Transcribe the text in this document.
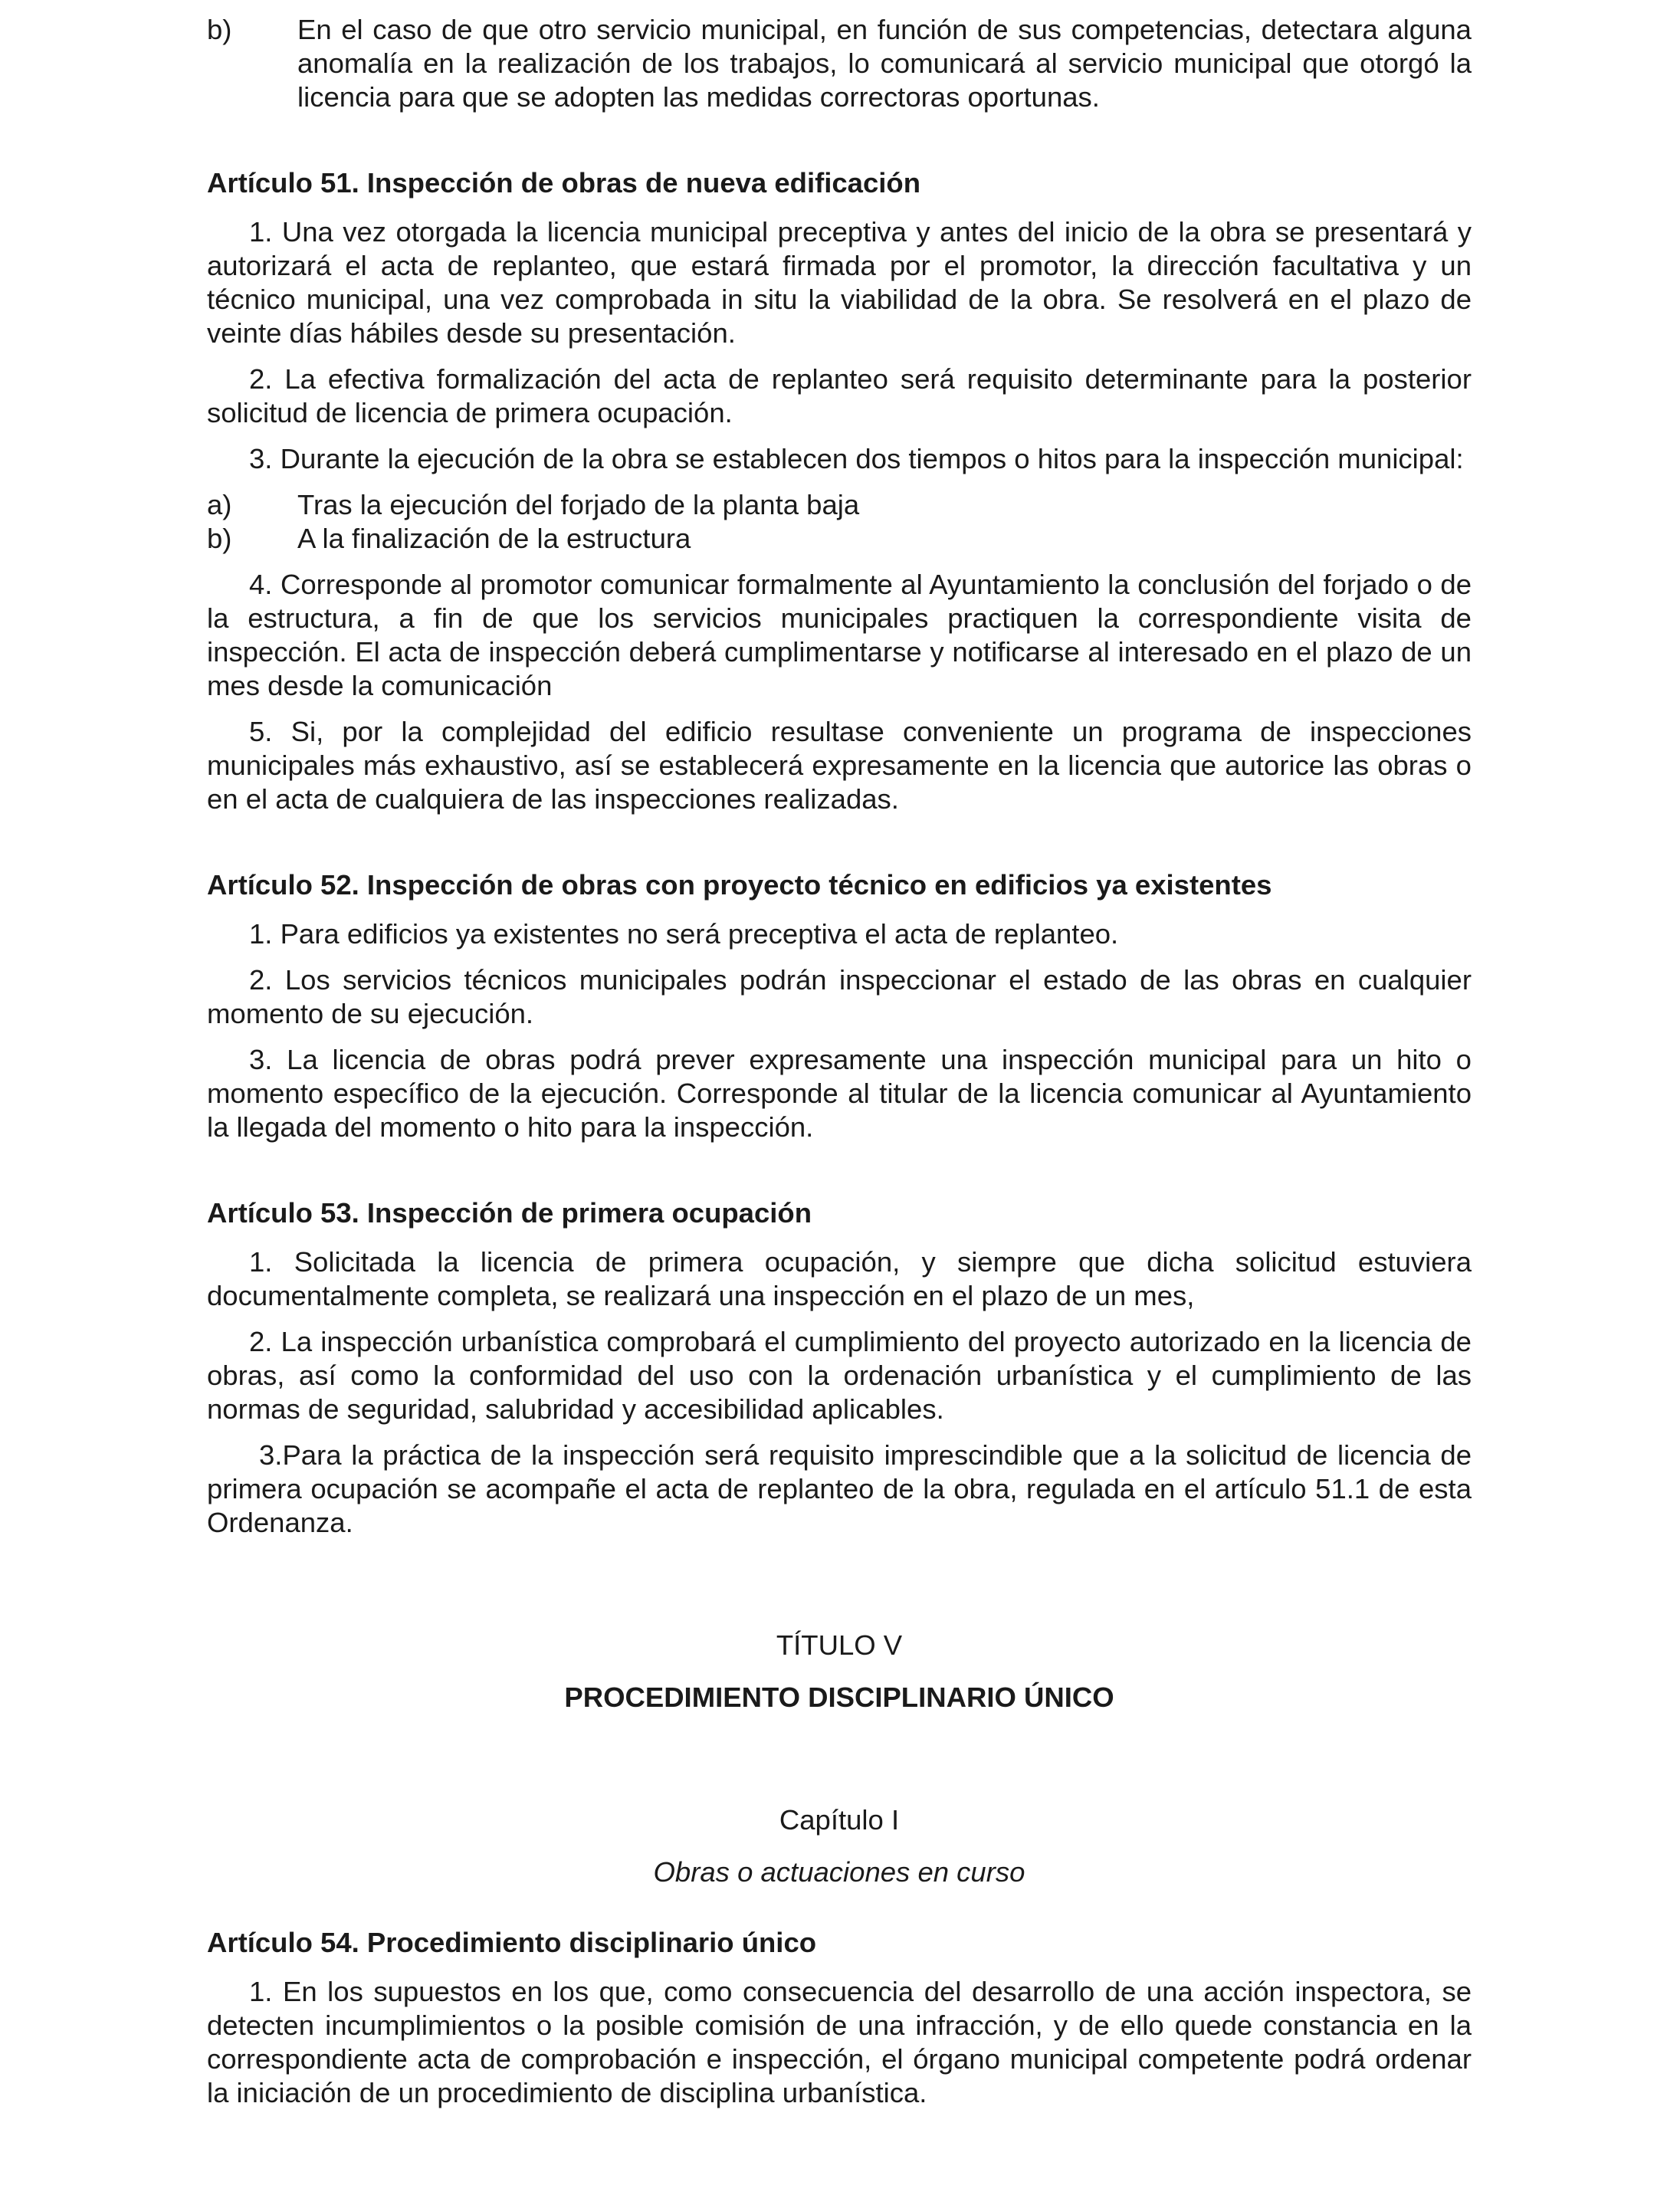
b) En el caso de que otro servicio municipal, en función de sus competencias, detectara alguna anomalía en la realización de los trabajos, lo comunicará al servicio municipal que otorgó la licencia para que se adopten las medidas correctoras oportunas.

Artículo 51. Inspección de obras de nueva edificación

1. Una vez otorgada la licencia municipal preceptiva y antes del inicio de la obra se presentará y autorizará el acta de replanteo, que estará firmada por el promotor, la dirección facultativa y un técnico municipal, una vez comprobada in situ la viabilidad de la obra. Se resolverá en el plazo de veinte días hábiles desde su presentación.

2. La efectiva formalización del acta de replanteo será requisito determinante para la posterior solicitud de licencia de primera ocupación.

3. Durante la ejecución de la obra se establecen dos tiempos o hitos para la inspección municipal:

a) Tras la ejecución del forjado de la planta baja

b) A la finalización de la estructura

4. Corresponde al promotor comunicar formalmente al Ayuntamiento la conclusión del forjado o de la estructura, a fin de que los servicios municipales practiquen la correspondiente visita de inspección. El acta de inspección deberá cumplimentarse y notificarse al interesado en el plazo de un mes desde la comunicación

5. Si, por la complejidad del edificio resultase conveniente un programa de inspecciones municipales más exhaustivo, así se establecerá expresamente en la licencia que autorice las obras o en el acta de cualquiera de las inspecciones realizadas.

Artículo 52. Inspección de obras con proyecto técnico en edificios ya existentes

1. Para edificios ya existentes no será preceptiva el acta de replanteo.

2. Los servicios técnicos municipales podrán inspeccionar el estado de las obras en cualquier momento de su ejecución.

3. La licencia de obras podrá prever expresamente una inspección municipal para un hito o momento específico de la ejecución. Corresponde al titular de la licencia comunicar al Ayuntamiento la llegada del momento o hito para la inspección.

Artículo 53. Inspección de primera ocupación

1. Solicitada la licencia de primera ocupación, y siempre que dicha solicitud estuviera documentalmente completa, se realizará una inspección en el plazo de un mes,

2. La inspección urbanística comprobará el cumplimiento del proyecto autorizado en la licencia de obras, así como la conformidad del uso con la ordenación urbanística y el cumplimiento de las normas de seguridad, salubridad y accesibilidad aplicables.

3.Para la práctica de la inspección será requisito imprescindible que a la solicitud de licencia de primera ocupación se acompañe el acta de replanteo de la obra, regulada en el artículo 51.1 de esta Ordenanza.

TÍTULO V

PROCEDIMIENTO DISCIPLINARIO ÚNICO

Capítulo I

Obras o actuaciones en curso

Artículo 54. Procedimiento disciplinario único

1. En los supuestos en los que, como consecuencia del desarrollo de una acción inspectora, se detecten incumplimientos o la posible comisión de una infracción, y de ello quede constancia en la correspondiente acta de comprobación e inspección, el órgano municipal competente podrá ordenar la iniciación de un procedimiento de disciplina urbanística.
